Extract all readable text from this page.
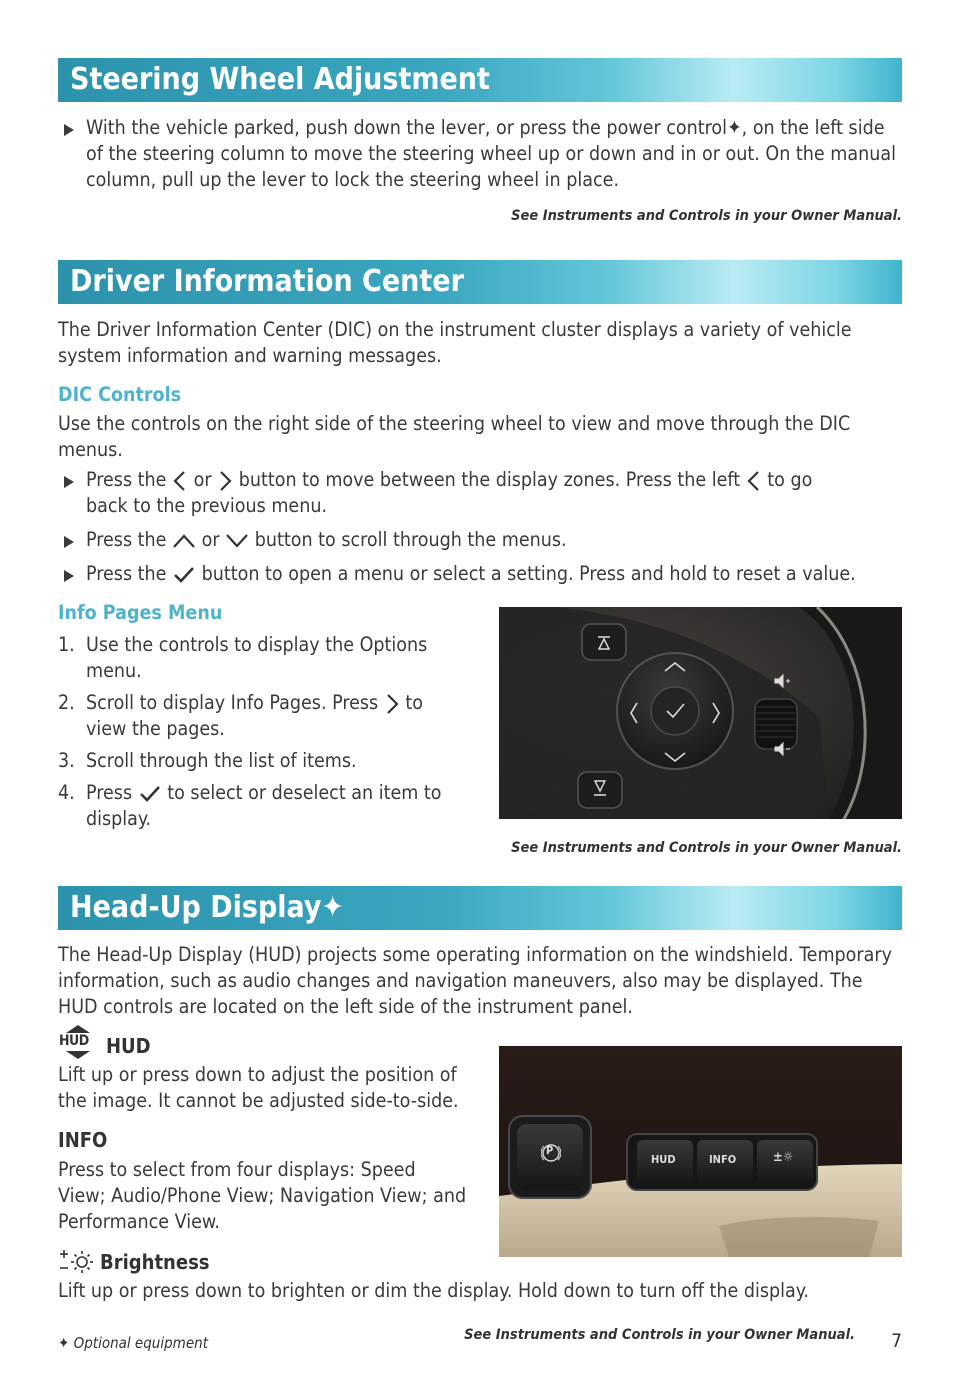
Steering Wheel Adjustment
With the vehicle parked, push down the lever, or press the power control✦, on the left side of the steering column to move the steering wheel up or down and in or out. On the manual column, pull up the lever to lock the steering wheel in place.
See Instruments and Controls in your Owner Manual.
Driver Information Center
The Driver Information Center (DIC) on the instrument cluster displays a variety of vehicle system information and warning messages.
DIC Controls
Use the controls on the right side of the steering wheel to view and move through the DIC menus.
Press the or button to move between the display zones. Press the left to go
back to the previous menu.
Press the or button to scroll through the menus.
Press the button to open a menu or select a setting. Press and hold to reset a value.
Info Pages Menu
1. Use the controls to display the Options menu.
2. Scroll to display Info Pages. Press to
view the pages.
3. Scroll through the list of items.
4. Press to select or deselect an item to
display.
See Instruments and Controls in your Owner Manual.
Head-Up Display✦
The Head-Up Display (HUD) projects some operating information on the windshield. Temporary information, such as audio changes and navigation maneuvers, also may be displayed. The HUD controls are located on the left side of the instrument panel.
HUD HUD
Lift up or press down to adjust the position of the image. It cannot be adjusted side-to-side.
INFO
Press to select from four displays: Speed View; Audio/Phone View; Navigation View; and Performance View.
Brightness
Lift up or press down to brighten or dim the display. Hold down to turn off the display.
P
HUD	INFO	±☼
✦ Optional equipment	See Instruments and Controls in your Owner Manual. 7
